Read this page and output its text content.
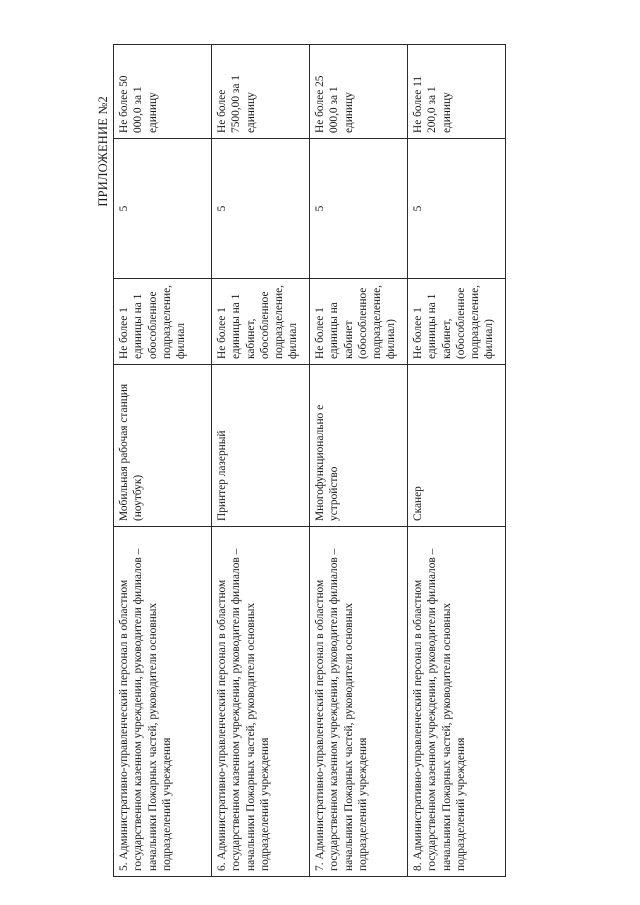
ПРИЛОЖЕНИЕ №2
5. Административно-управленческий персонал в областном государственном казенном учреждении, руководители филиалов – начальники Пожарных частей, руководители основных подразделений учреждения	Мобильная рабочая станция (ноутбук)	Не более 1 единицы на 1 обособленное подразделение, филиал	5	Не более 50 000,0 за 1 единицу
6. Административно-управленческий персонал в областном государственном казенном учреждении, руководители филиалов – начальники Пожарных частей, руководители основных подразделений учреждения	Принтер лазерный	Не более 1 единицы на 1 кабинет, обособленное подразделение, филиал	5	Не более 7500,00 за 1 единицу
7. Административно-управленческий персонал в областном государственном казенном учреждении, руководители филиалов – начальники Пожарных частей, руководители основных подразделений учреждения	Многофункционально е устройство	Не более 1 единицы на кабинет (обособленное подразделение, филиал)	5	Не более 25 000,0 за 1 единицу
8. Административно-управленческий персонал в областном государственном казенном учреждении, руководители филиалов – начальники Пожарных частей, руководители основных подразделений учреждения	Сканер	Не более 1 единицы на 1 кабинет, (обособленное подразделение, филиал)	5	Не более 11 200,0 за 1 единицу
